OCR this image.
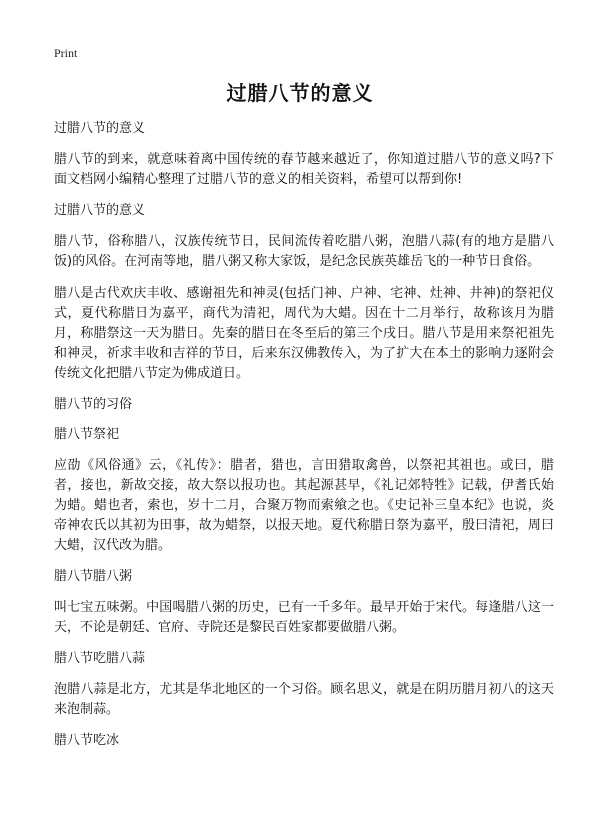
Print
过腊八节的意义
过腊八节的意义
腊八节的到来，就意味着离中国传统的春节越来越近了，你知道过腊八节的意义吗?下面文档网小编精心整理了过腊八节的意义的相关资料，希望可以帮到你!
过腊八节的意义
腊八节，俗称腊八，汉族传统节日，民间流传着吃腊八粥，泡腊八蒜(有的地方是腊八饭)的风俗。在河南等地，腊八粥又称大家饭，是纪念民族英雄岳飞的一种节日食俗。
腊八是古代欢庆丰收、感谢祖先和神灵(包括门神、户神、宅神、灶神、井神)的祭祀仪式，夏代称腊日为嘉平，商代为清祀，周代为大蜡。因在十二月举行，故称该月为腊月，称腊祭这一天为腊日。先秦的腊日在冬至后的第三个戌日。腊八节是用来祭祀祖先和神灵，祈求丰收和吉祥的节日，后来东汉佛教传入，为了扩大在本土的影响力逐附会传统文化把腊八节定为佛成道日。
腊八节的习俗
腊八节祭祀
应劭《风俗通》云，《礼传》：腊者，猎也，言田猎取禽兽，以祭祀其祖也。或曰，腊者，接也，新故交接，故大祭以报功也。其起源甚早，《礼记郊特牲》记载，伊耆氏始为蜡。蜡也者，索也，岁十二月，合聚万物而索飨之也。《史记补三皇本纪》也说，炎帝神农氏以其初为田事，故为蜡祭，以报天地。夏代称腊日祭为嘉平，殷曰清祀，周曰大蜡，汉代改为腊。
腊八节腊八粥
叫七宝五味粥。中国喝腊八粥的历史，已有一千多年。最早开始于宋代。每逢腊八这一天，不论是朝廷、官府、寺院还是黎民百姓家都要做腊八粥。
腊八节吃腊八蒜
泡腊八蒜是北方，尤其是华北地区的一个习俗。顾名思义，就是在阴历腊月初八的这天来泡制蒜。
腊八节吃冰
